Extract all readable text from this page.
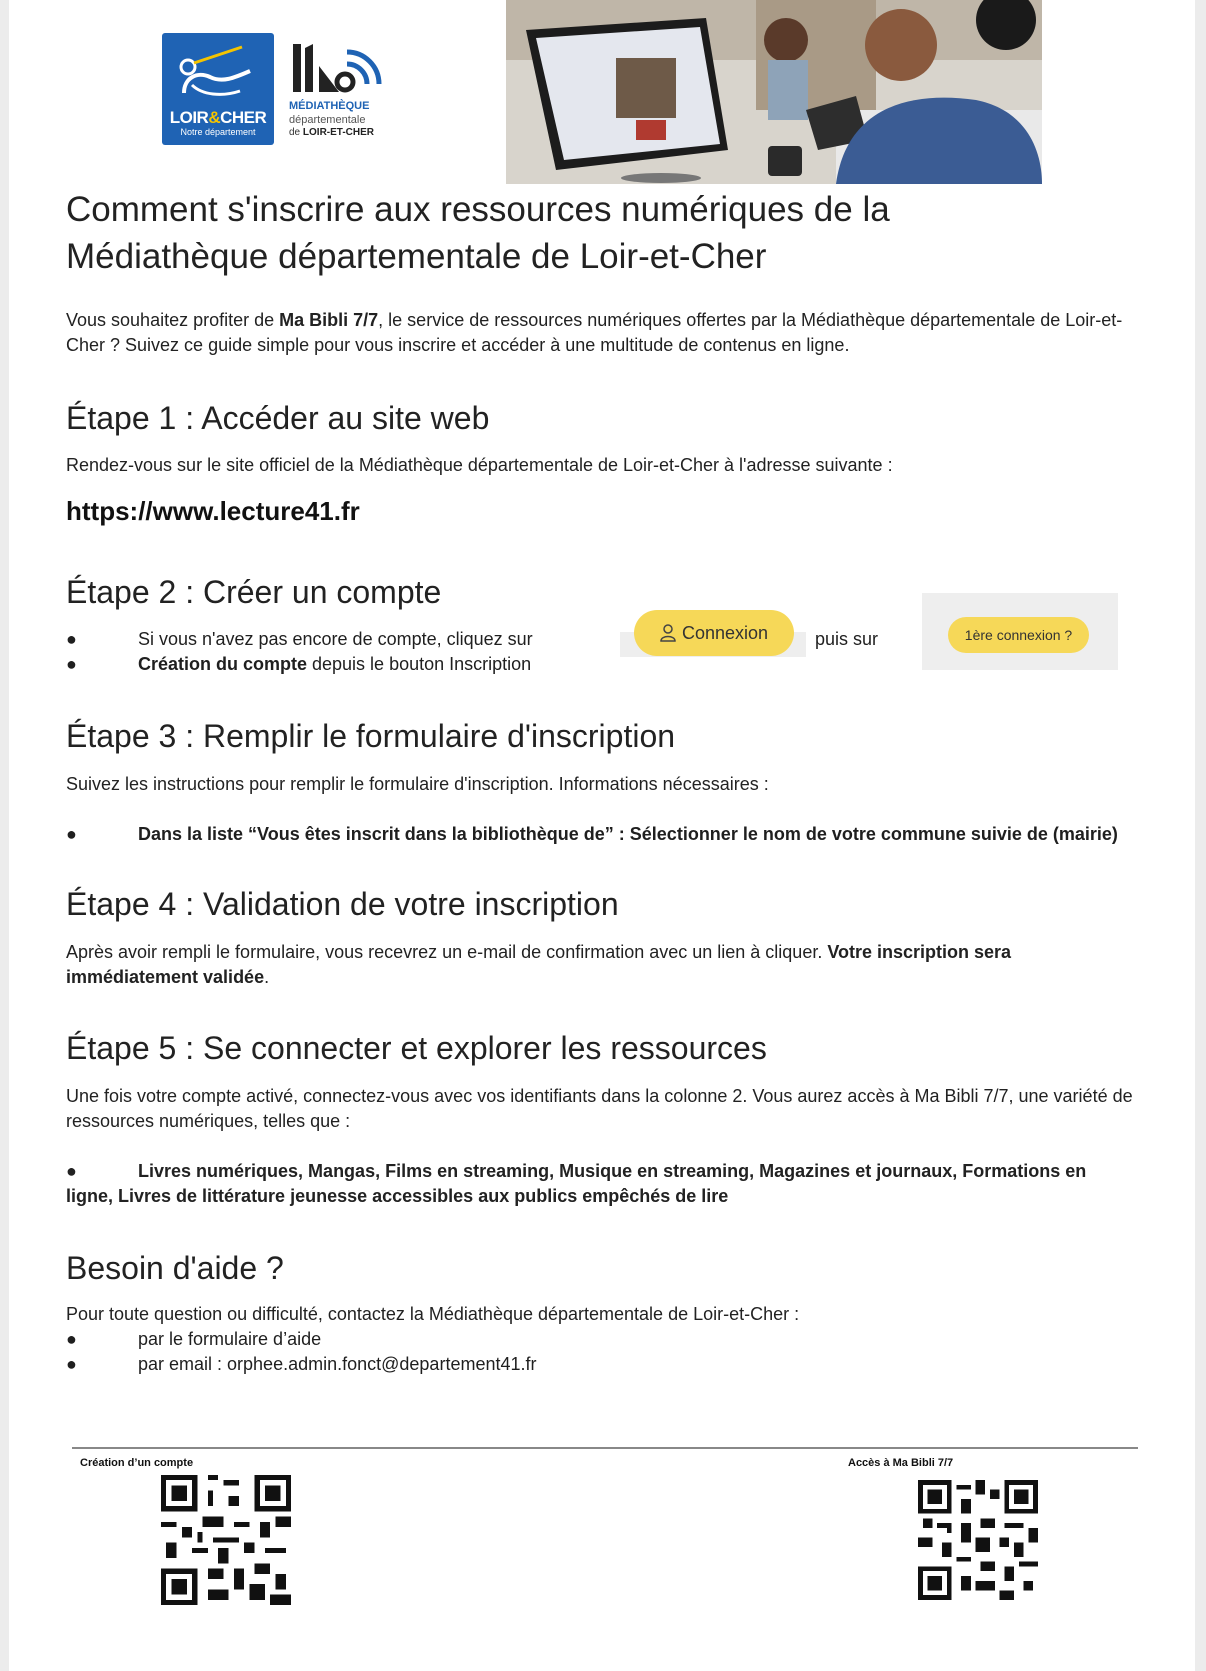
LOIR&CHER
Notre département
MÉDIATHÈQUE
départementale
de LOIR-ET-CHER
Comment s'inscrire aux ressources numériques de la Médiathèque départementale de Loir-et-Cher

Vous souhaitez profiter de Ma Bibli 7/7, le service de ressources numériques offertes par la Médiathèque départementale de Loir-et-Cher ? Suivez ce guide simple pour vous inscrire et accéder à une multitude de contenus en ligne.

Étape 1 : Accéder au site web

Rendez-vous sur le site officiel de la Médiathèque départementale de Loir-et-Cher à l'adresse suivante :

https://www.lecture41.fr

Étape 2 : Créer un compte
●	Si vous n'avez pas encore de compte, cliquez sur
●	Création du compte depuis le bouton Inscription
Connexion	puis sur	1ère connexion ?
Étape 3 : Remplir le formulaire d'inscription

Suivez les instructions pour remplir le formulaire d'inscription. Informations nécessaires :

●	Dans la liste “Vous êtes inscrit dans la bibliothèque de” : Sélectionner le nom de votre commune suivie de (mairie)
Étape 4 : Validation de votre inscription

Après avoir rempli le formulaire, vous recevrez un e-mail de confirmation avec un lien à cliquer. Votre inscription sera immédiatement validée.

Étape 5 : Se connecter et explorer les ressources

Une fois votre compte activé, connectez-vous avec vos identifiants dans la colonne 2. Vous aurez accès à Ma Bibli 7/7, une variété de ressources numériques, telles que :

●	Livres numériques, Mangas, Films en streaming, Musique en streaming, Magazines et journaux, Formations en ligne, Livres de littérature jeunesse accessibles aux publics empêchés de lire

Besoin d'aide ?

Pour toute question ou difficulté, contactez la Médiathèque départementale de Loir-et-Cher :

●	par le formulaire d’aide
●	par email : orphee.admin.fonct@departement41.fr
Création d’un compte	Accès à Ma Bibli 7/7
